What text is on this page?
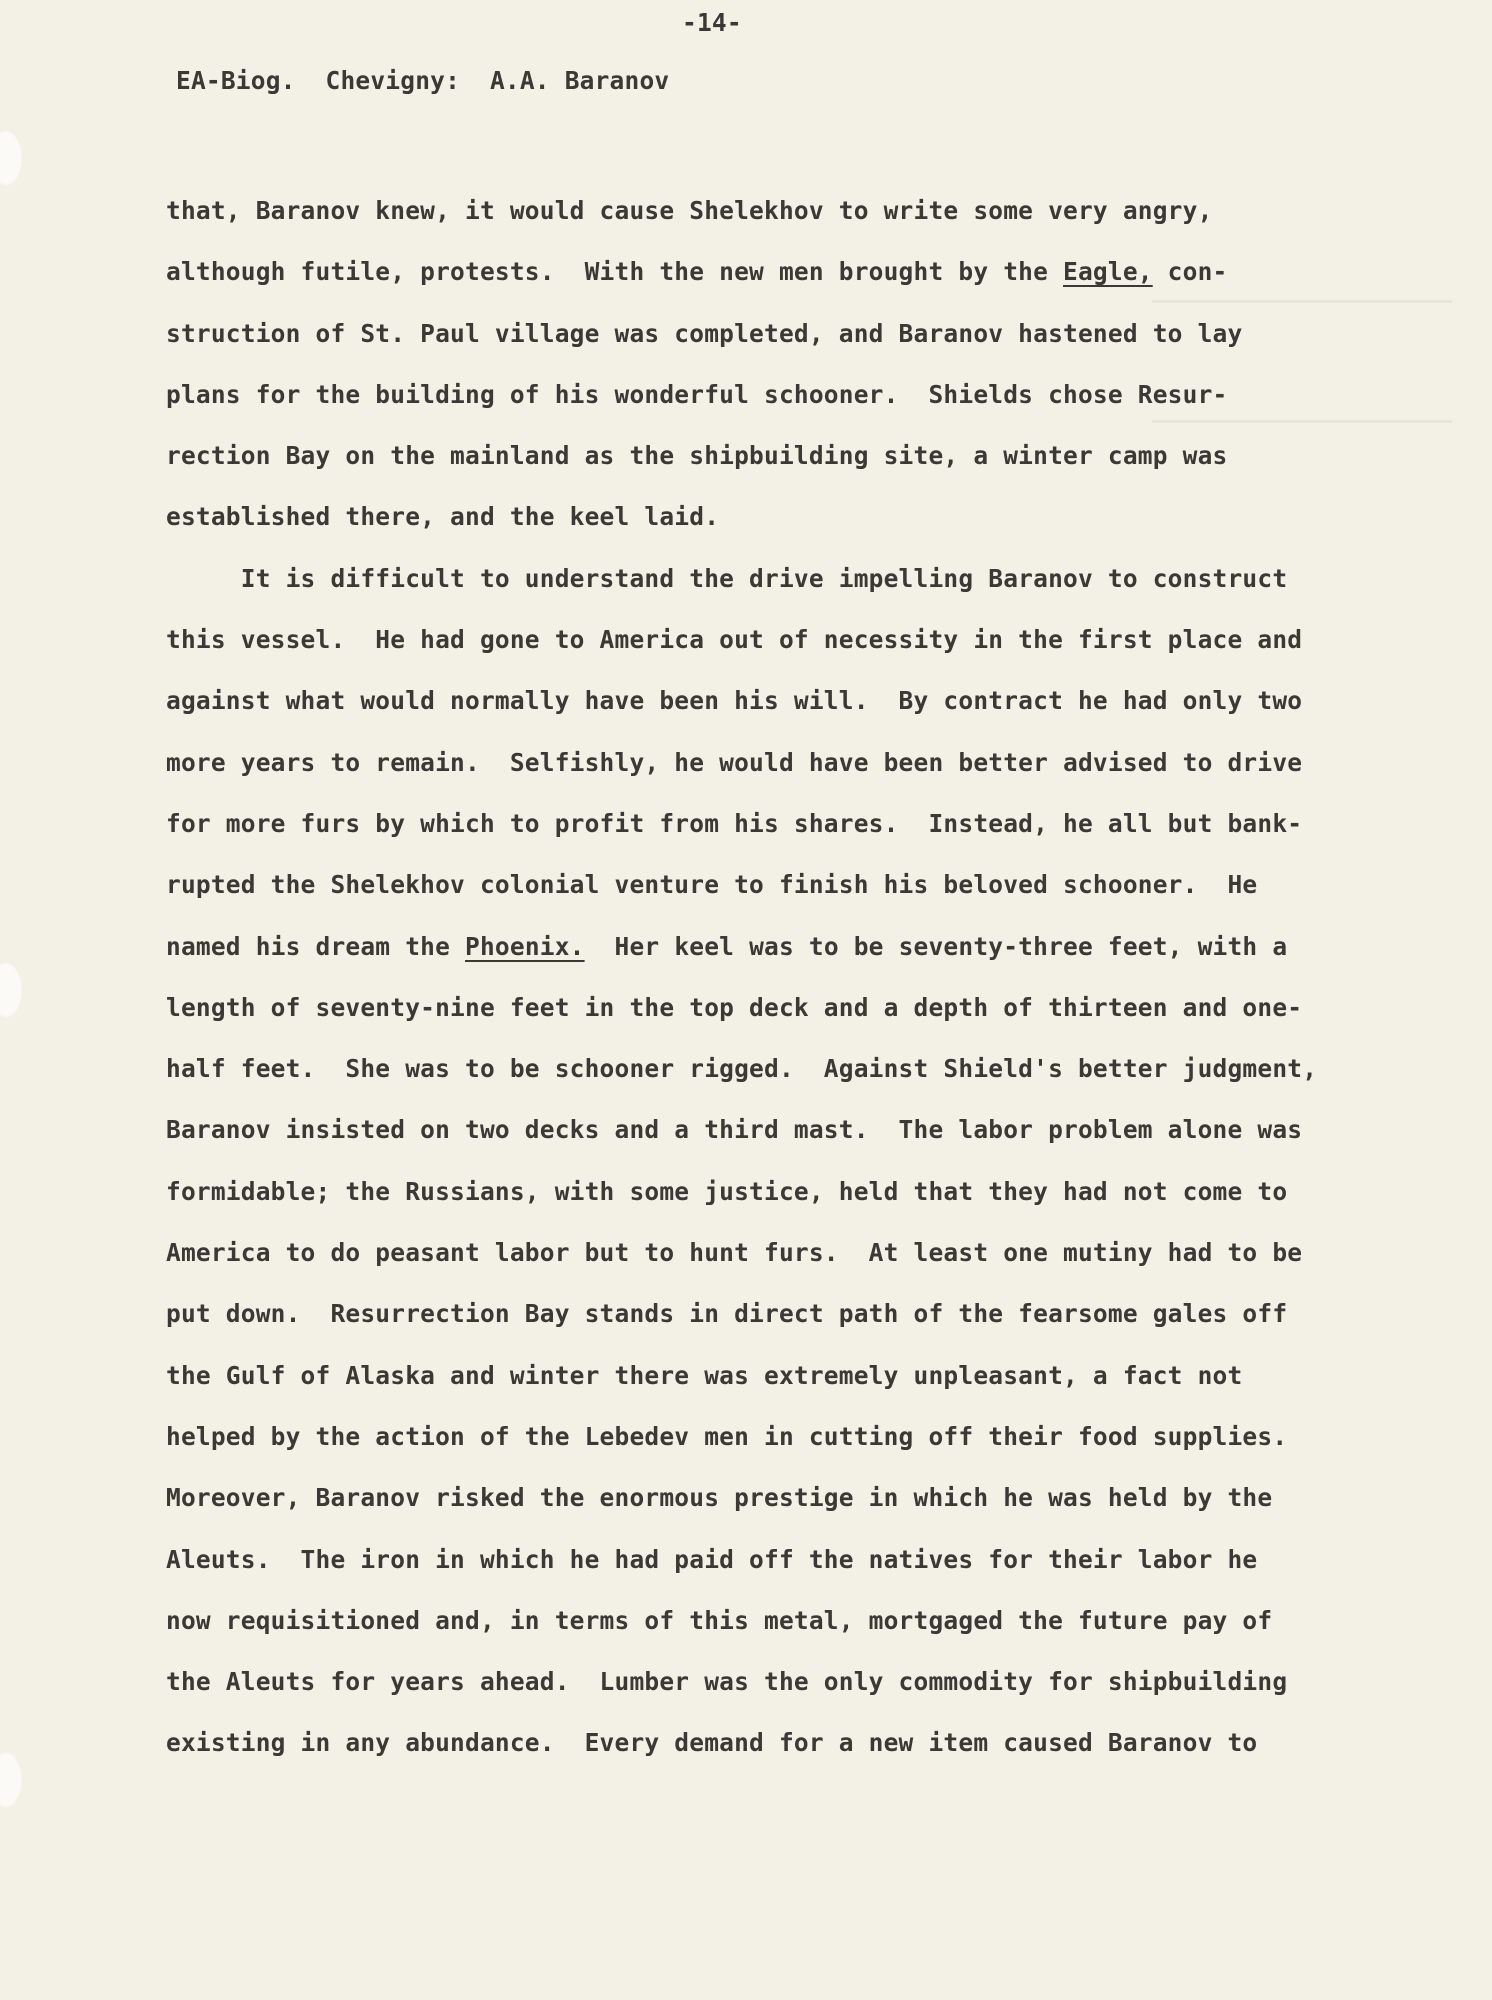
-14-
EA-Biog.  Chevigny:  A.A. Baranov
that, Baranov knew, it would cause Shelekhov to write some very angry,
although futile, protests.  With the new men brought by the Eagle, con-
struction of St. Paul village was completed, and Baranov hastened to lay
plans for the building of his wonderful schooner.  Shields chose Resur-
rection Bay on the mainland as the shipbuilding site, a winter camp was
established there, and the keel laid.
It is difficult to understand the drive impelling Baranov to construct
this vessel.  He had gone to America out of necessity in the first place and
against what would normally have been his will.  By contract he had only two
more years to remain.  Selfishly, he would have been better advised to drive
for more furs by which to profit from his shares.  Instead, he all but bank-
rupted the Shelekhov colonial venture to finish his beloved schooner.  He
named his dream the Phoenix.  Her keel was to be seventy-three feet, with a
length of seventy-nine feet in the top deck and a depth of thirteen and one-
half feet.  She was to be schooner rigged.  Against Shield's better judgment,
Baranov insisted on two decks and a third mast.  The labor problem alone was
formidable; the Russians, with some justice, held that they had not come to
America to do peasant labor but to hunt furs.  At least one mutiny had to be
put down.  Resurrection Bay stands in direct path of the fearsome gales off
the Gulf of Alaska and winter there was extremely unpleasant, a fact not
helped by the action of the Lebedev men in cutting off their food supplies.
Moreover, Baranov risked the enormous prestige in which he was held by the
Aleuts.  The iron in which he had paid off the natives for their labor he
now requisitioned and, in terms of this metal, mortgaged the future pay of
the Aleuts for years ahead.  Lumber was the only commodity for shipbuilding
existing in any abundance.  Every demand for a new item caused Baranov to
